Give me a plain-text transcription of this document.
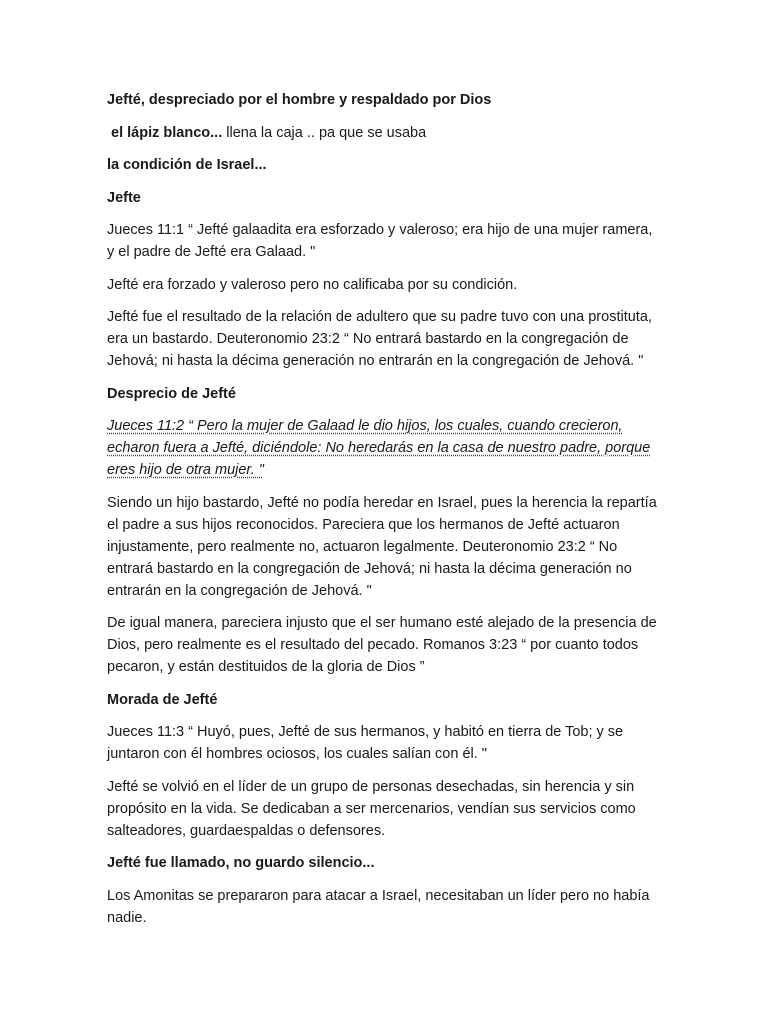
Jefté, despreciado por el hombre y respaldado por Dios

el lápiz blanco... llena la caja .. pa que se usaba

la condición de Israel...

Jefte

Jueces 11:1 “ Jefté galaadita era esforzado y valeroso; era hijo de una mujer ramera, y el padre de Jefté era Galaad. "

Jefté era forzado y valeroso pero no calificaba por su condición.

Jefté fue el resultado de la relación de adultero que su padre tuvo con una prostituta, era un bastardo. Deuteronomio 23:2 “ No entrará bastardo en la congregación de Jehová; ni hasta la décima generación no entrarán en la congregación de Jehová. "

Desprecio de Jefté

Jueces 11:2 “ Pero la mujer de Galaad le dio hijos, los cuales, cuando crecieron, echaron fuera a Jefté, diciéndole: No heredarás en la casa de nuestro padre, porque eres hijo de otra mujer. "

Siendo un hijo bastardo, Jefté no podía heredar en Israel, pues la herencia la repartía el padre a sus hijos reconocidos. Pareciera que los hermanos de Jefté actuaron injustamente, pero realmente no, actuaron legalmente. Deuteronomio 23:2 “ No entrará bastardo en la congregación de Jehová; ni hasta la décima generación no entrarán en la congregación de Jehová. "

De igual manera, pareciera injusto que el ser humano esté alejado de la presencia de Dios, pero realmente es el resultado del pecado. Romanos 3:23 “ por cuanto todos pecaron, y están destituidos de la gloria de Dios ”

Morada de Jefté

Jueces 11:3 “ Huyó, pues, Jefté de sus hermanos, y habitó en tierra de Tob; y se juntaron con él hombres ociosos, los cuales salían con él. "

Jefté se volvió en el líder de un grupo de personas desechadas, sin herencia y sin propósito en la vida. Se dedicaban a ser mercenarios, vendían sus servicios como salteadores, guardaespaldas o defensores.

Jefté fue llamado, no guardo silencio...

Los Amonitas se prepararon para atacar a Israel, necesitaban un líder pero no había nadie.
